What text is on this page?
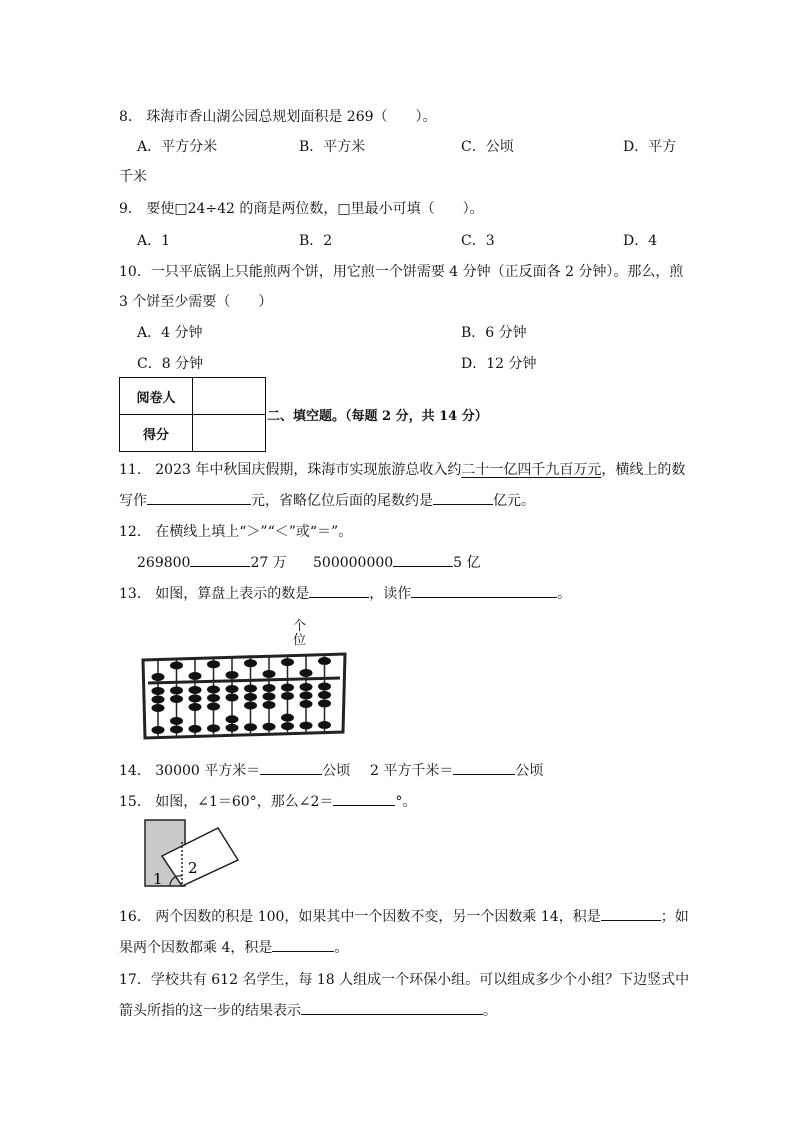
8． 珠海市香山湖公园总规划面积是 269（　　）。
A．平方分米	B．平方米	C．公顷	D．平方
千米
9． 要使□24÷42 的商是两位数，□里最小可填（　　）。
A．1	B．2	C．3	D．4
10．一只平底锅上只能煎两个饼，用它煎一个饼需要 4 分钟（正反面各 2 分钟）。那么，煎
3 个饼至少需要（　　）
A．4 分钟	B．6 分钟
C．8 分钟	D．12 分钟
阅卷人	
得分	
二、填空题。（每题 2 分，共 14 分）
11． 2023 年中秋国庆假期，珠海市实现旅游总收入约二十一亿四千九百万元，横线上的数
写作	元，省略亿位后面的尾数约是	亿元。
12． 在横线上填上“＞”“＜”或“＝”。
269800	27 万 500000000	5 亿
13． 如图，算盘上表示的数是	，读作	。
个
位
14． 30000 平方米＝	公顷 2 平方千米＝	公顷
15． 如图，∠1＝60°，那么∠2＝	°。
1
2
16． 两个因数的积是 100，如果其中一个因数不变，另一个因数乘 14，积是	；如
果两个因数都乘 4，积是	。
17．学校共有 612 名学生，每 18 人组成一个环保小组。可以组成多少个小组？下边竖式中
箭头所指的这一步的结果表示	。
